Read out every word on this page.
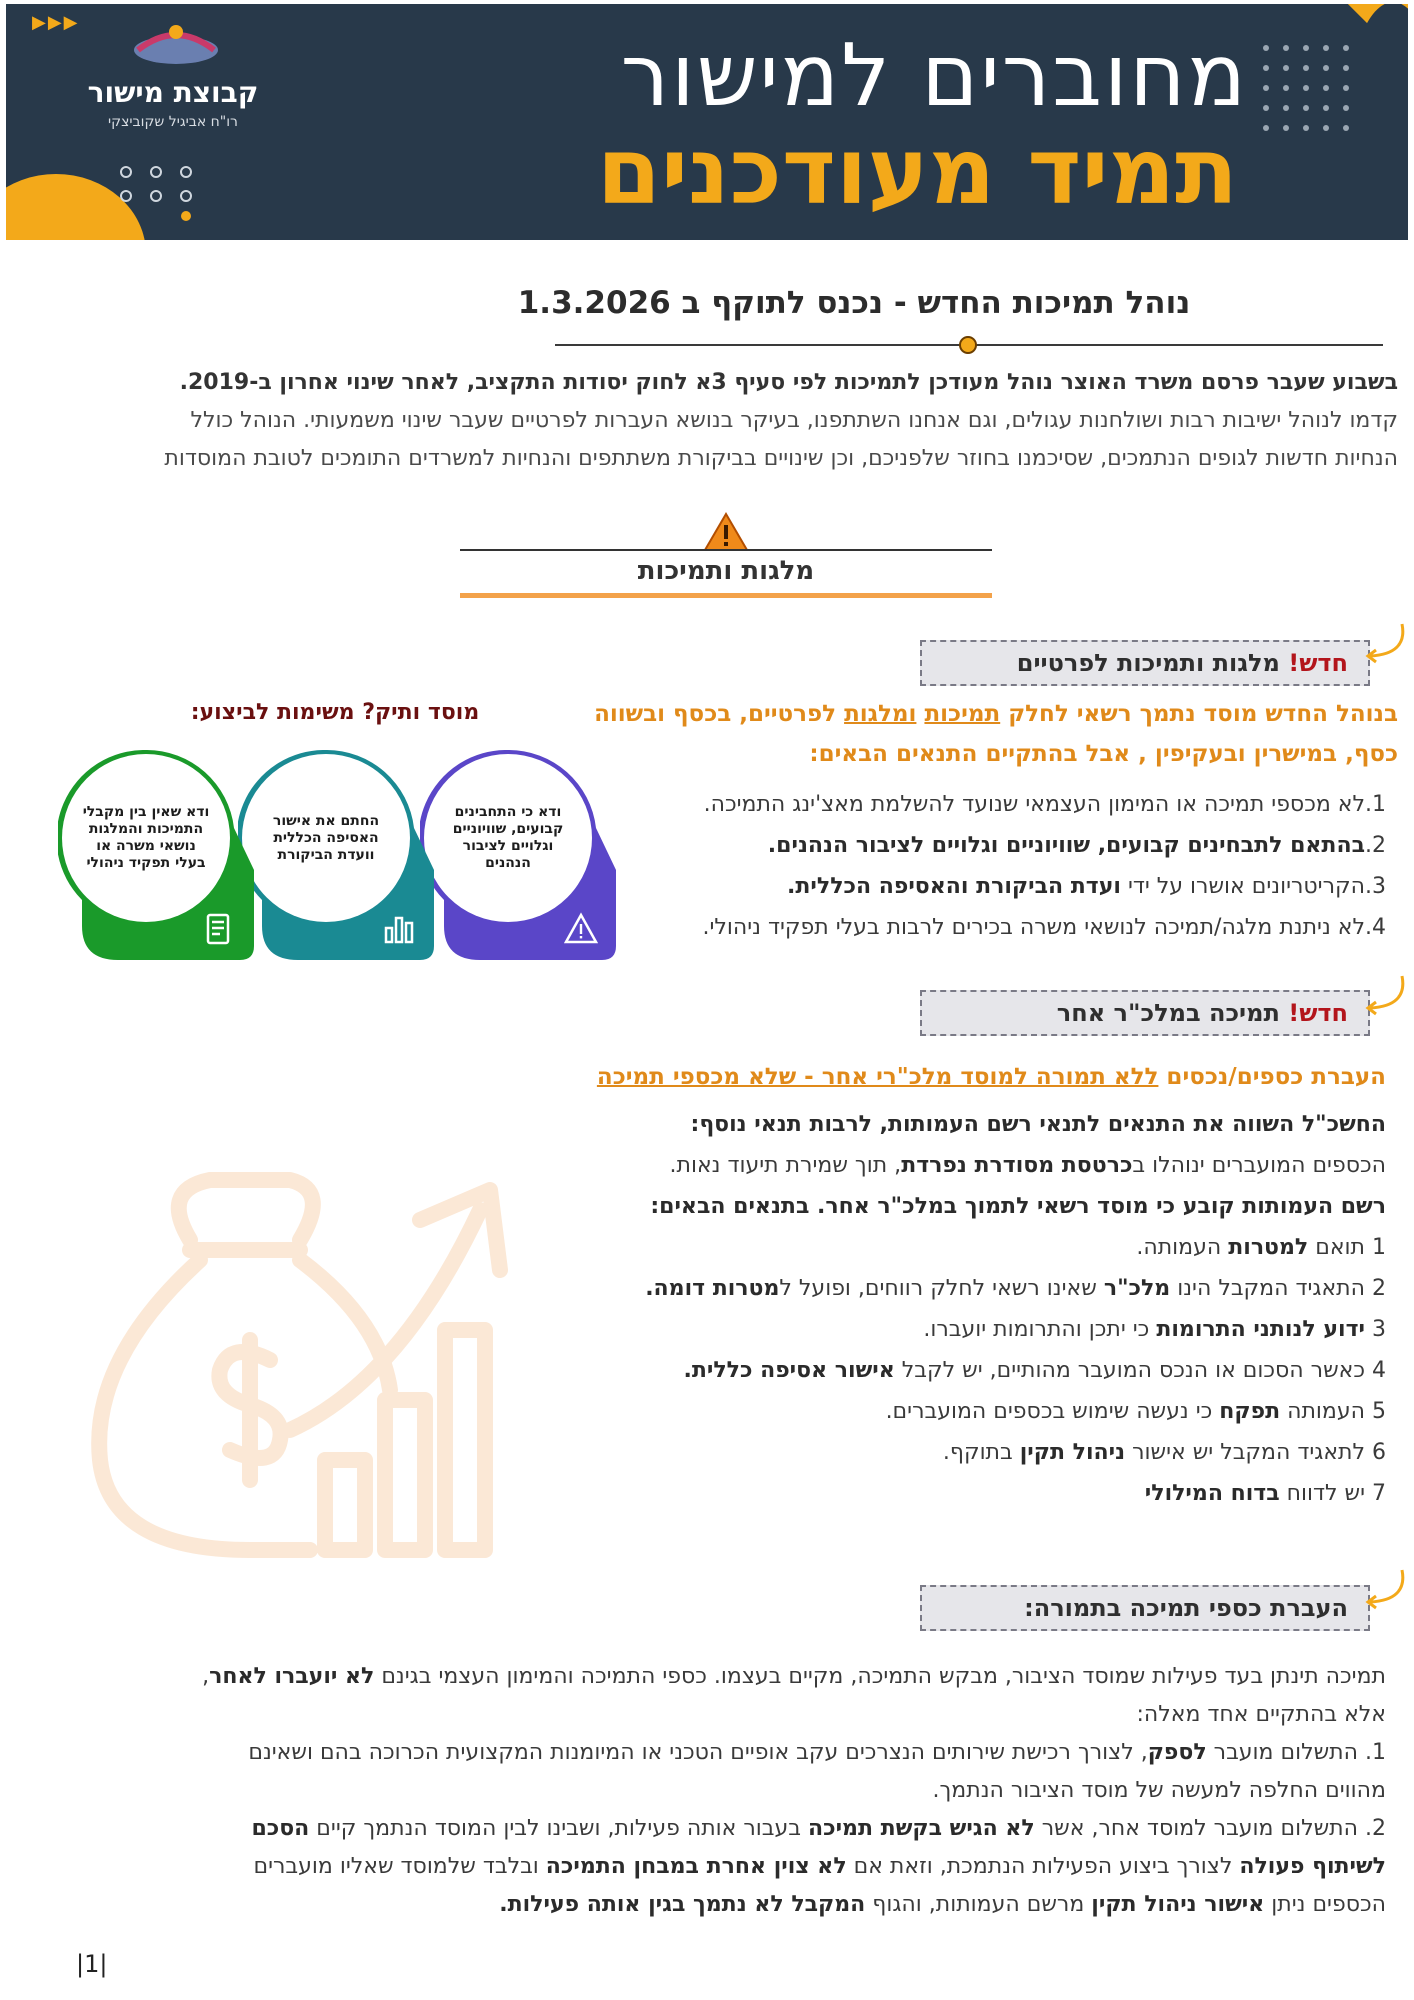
▶▶▶
קבוצת מישור
רו"ח אביגיל שקוביצקי	מחוברים למישור
תמיד מעודכנים
נוהל תמיכות החדש - נכנס לתוקף ב 1.3.2026
בשבוע שעבר פרסם משרד האוצר נוהל מעודכן לתמיכות לפי סעיף 3א לחוק יסודות התקציב, לאחר שינוי אחרון ב-2019.
קדמו לנוהל ישיבות רבות ושולחנות עגולים, וגם אנחנו השתתפנו, בעיקר בנושא העברות לפרטיים שעבר שינוי משמעותי. הנוהל כולל
הנחיות חדשות לגופים הנתמכים, שסיכמנו בחוזר שלפניכם, וכן שינויים בביקורת משתתפים והנחיות למשרדים התומכים לטובת המוסדות
מלגות ותמיכות
חדש! מלגות ותמיכות לפרטיים
בנוהל החדש מוסד נתמך רשאי לחלק תמיכות ומלגות לפרטיים, בכסף ובשווה כסף, במישרין ובעקיפין , אבל בהתקיים התנאים הבאים:
1.לא מכספי תמיכה או המימון העצמאי שנועד להשלמת מאצ'ינג התמיכה.
2.בהתאם לתבחינים קבועים, שוויוניים וגלויים לציבור הנהנים.
3.הקריטריונים אושרו על ידי ועדת הביקורת והאסיפה הכללית.
4.לא ניתנת מלגה/תמיכה לנושאי משרה בכירים לרבות בעלי תפקיד ניהולי.
מוסד ותיק? משימות לביצוע:
ודא כי התחבינים קבועים, שוויוניים וגלויים לציבור הנהנים
החתם את אישור האסיפה הכללית וועדת הביקורת
ודא שאין בין מקבלי התמיכות והמלגות נושאי משרה או בעלי תפקיד ניהולי
חדש! תמיכה במלכ"ר אחר
העברת כספים/נכסים ללא תמורה למוסד מלכ"רי אחר - שלא מכספי תמיכה
החשכ"ל השווה את התנאים לתנאי רשם העמותות, לרבות תנאי נוסף:
הכספים המועברים ינוהלו בכרטסת מסודרת נפרדת, תוך שמירת תיעוד נאות.
רשם העמותות קובע כי מוסד רשאי לתמוך במלכ"ר אחר. בתנאים הבאים:
1 תואם למטרות העמותה.
2 התאגיד המקבל הינו מלכ"ר שאינו רשאי לחלק רווחים, ופועל למטרות דומה.
3 ידוע לנותני התרומות כי יתכן והתרומות יועברו.
4 כאשר הסכום או הנכס המועבר מהותיים, יש לקבל אישור אסיפה כללית.
5 העמותה תפקח כי נעשה שימוש בכספים המועברים.
6 לתאגיד המקבל יש אישור ניהול תקין בתוקף.
7 יש לדווח בדוח המילולי
העברת כספי תמיכה בתמורה:

תמיכה תינתן בעד פעילות שמוסד הציבור, מבקש התמיכה, מקיים בעצמו. כספי התמיכה והמימון העצמי בגינם לא יועברו לאחר, אלא בהתקיים אחד מאלה:

1. התשלום מועבר לספק, לצורך רכישת שירותים הנצרכים עקב אופיים הטכני או המיומנות המקצועית הכרוכה בהם ושאינם מהווים החלפה למעשה של מוסד הציבור הנתמך.

2. התשלום מועבר למוסד אחר, אשר לא הגיש בקשת תמיכה בעבור אותה פעילות, ושבינו לבין המוסד הנתמך קיים הסכם לשיתוף פעולה לצורך ביצוע הפעילות הנתמכת, וזאת אם לא צוין אחרת במבחן התמיכה ובלבד שלמוסד שאליו מועברים הכספים ניתן אישור ניהול תקין מרשם העמותות, והגוף המקבל לא נתמך בגין אותה פעילות.

|1|
